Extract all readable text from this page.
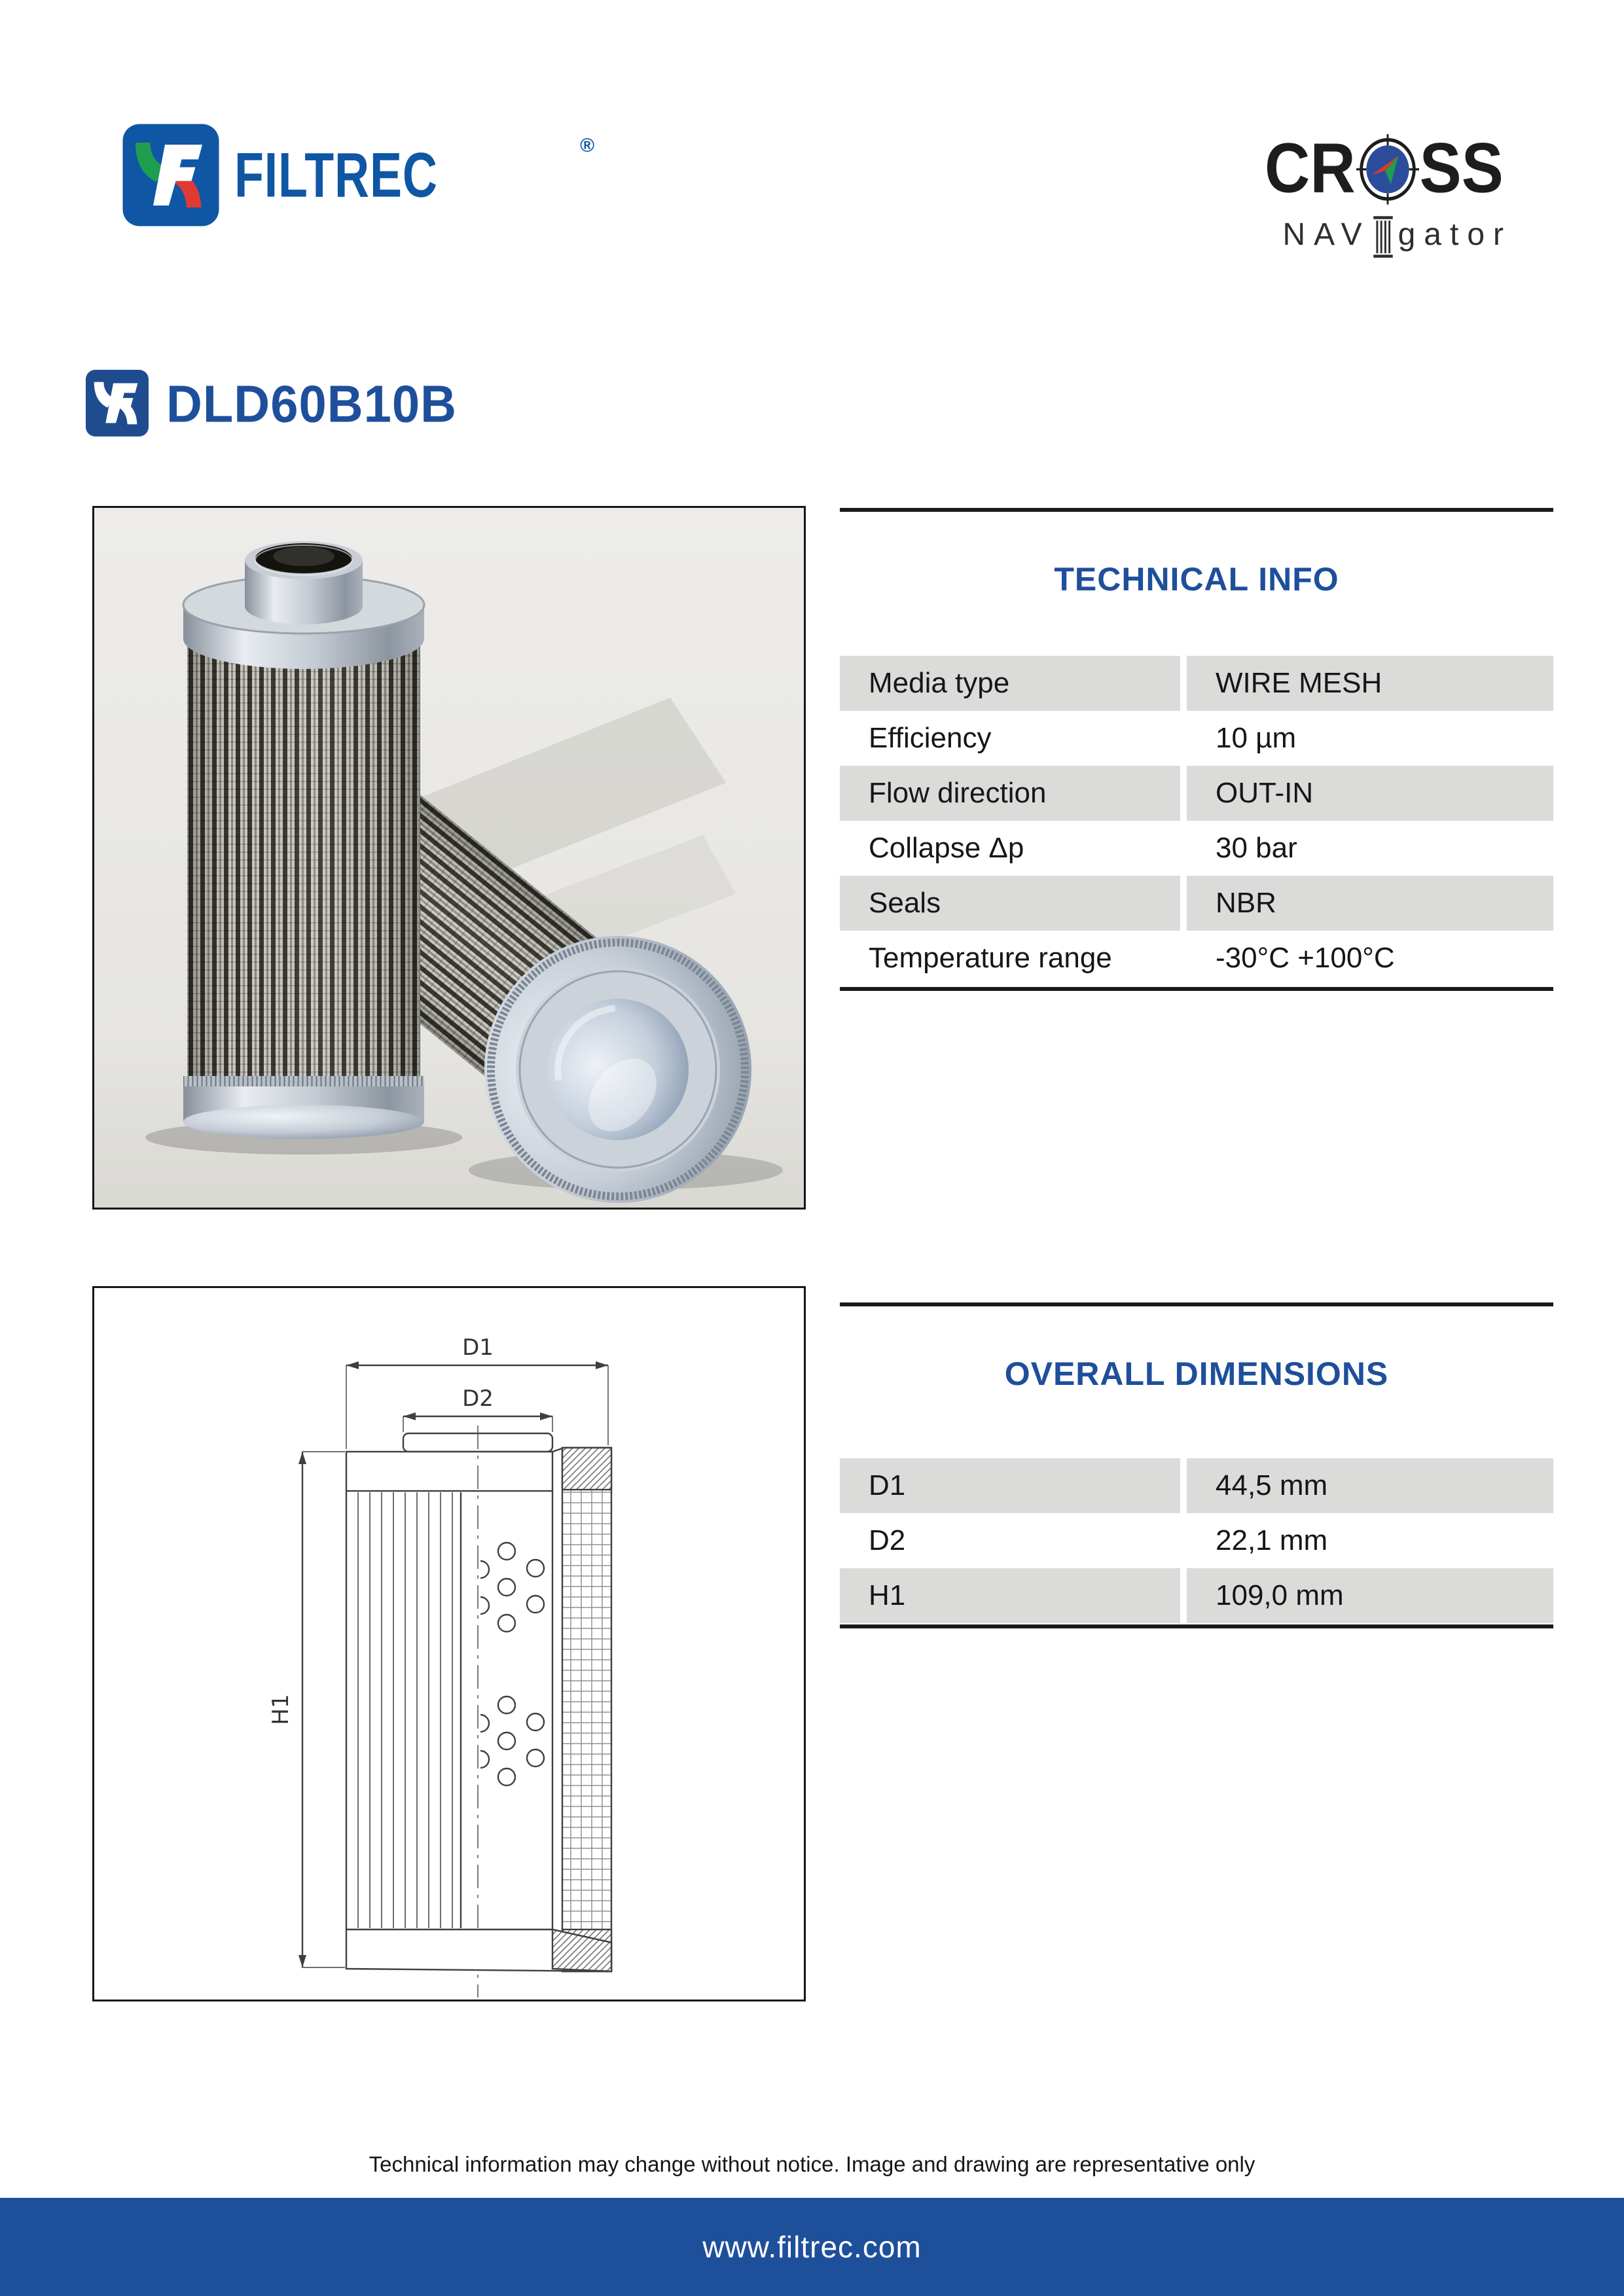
FILTREC	®	CR SS
NAV gator
DLD60B10B
TECHNICAL INFO
Media type	WIRE MESH
Efficiency	10 µm
Flow direction	OUT-IN
Collapse Δp	30 bar
Seals	NBR
Temperature range	-30°C +100°C
D1
D2
H1
OVERALL DIMENSIONS
D1	44,5 mm
D2	22,1 mm
H1	109,0 mm
Technical information may change without notice. Image and drawing are representative only
www.filtrec.com
